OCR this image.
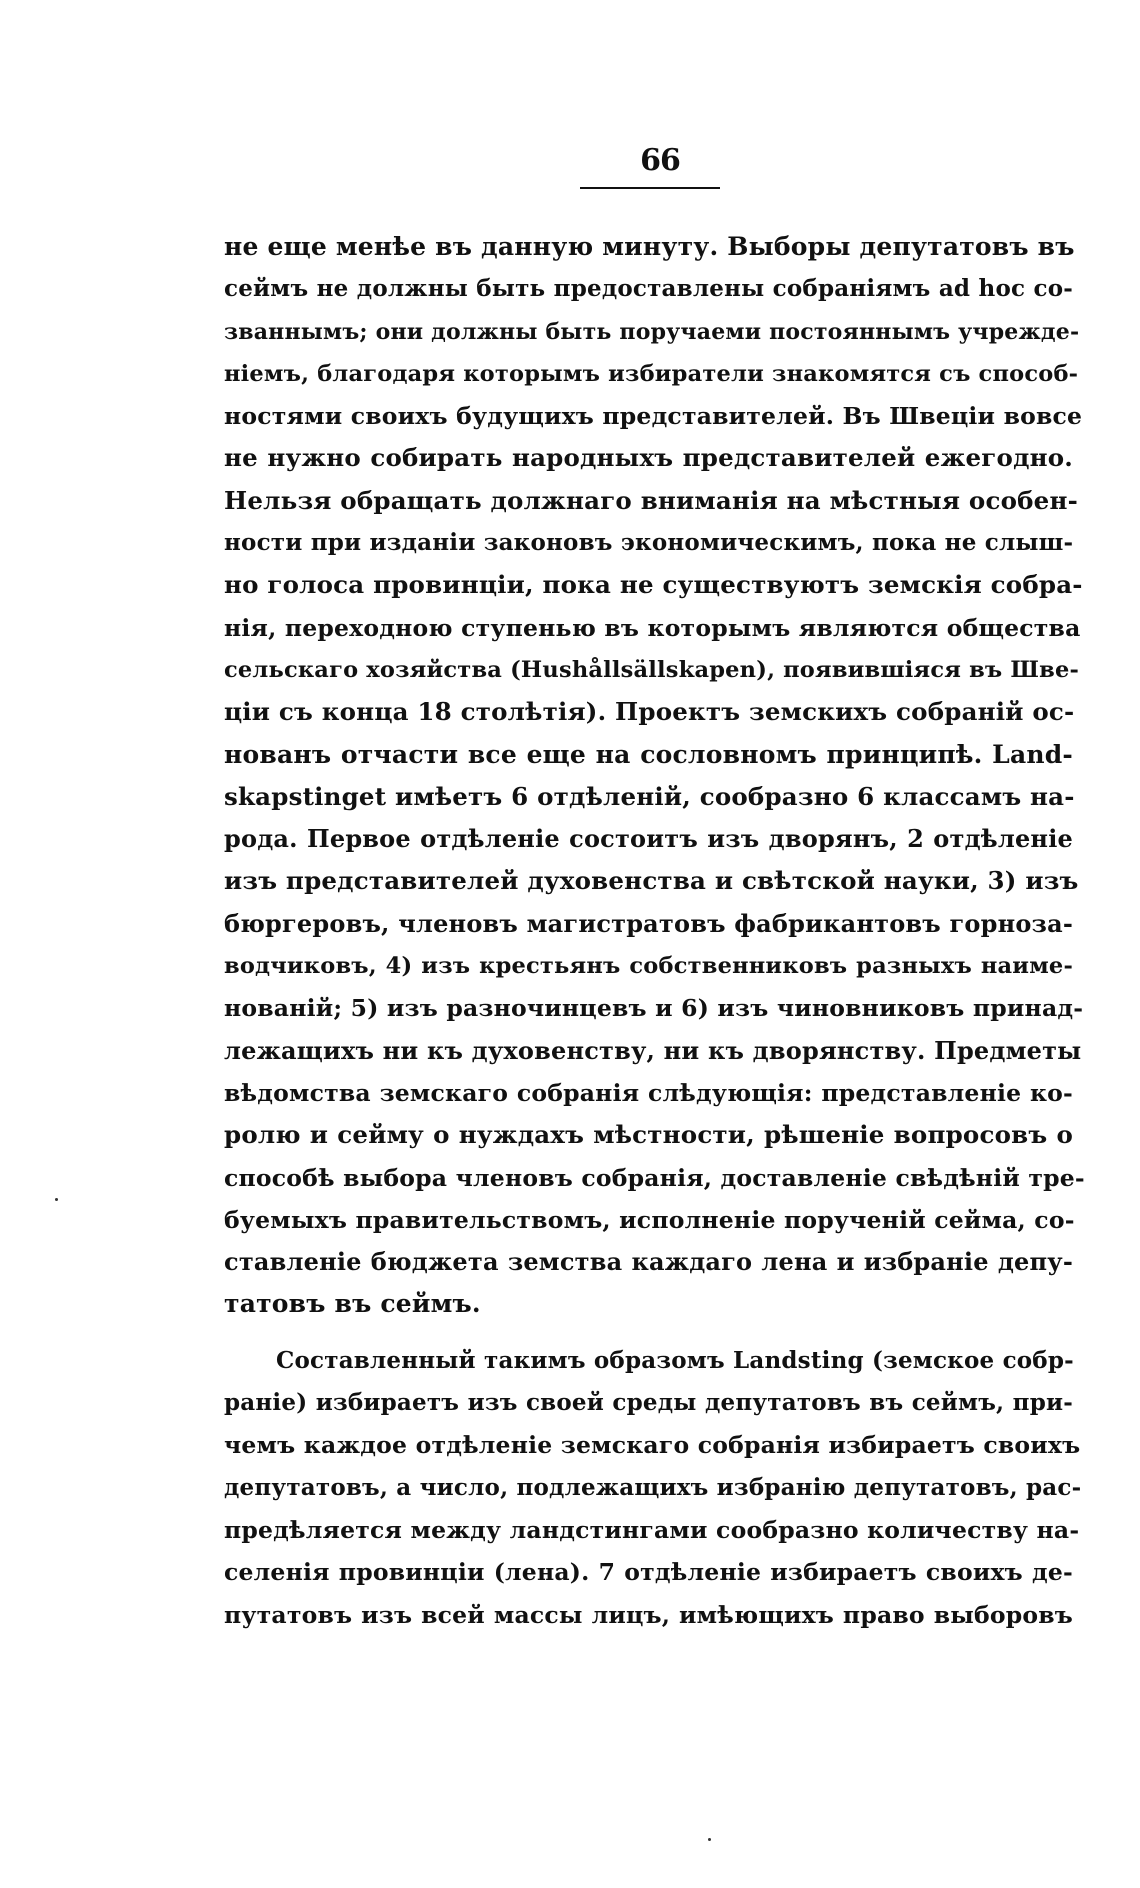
66
не еще менѣе въ данную минуту. Выборы депутатовъ въ
сеймъ не должны быть предоставлены собраніямъ ad hoc со-
званнымъ; они должны быть поручаеми постояннымъ учрежде-
ніемъ, благодаря которымъ избиратели знакомятся съ способ-
ностями своихъ будущихъ представителей. Въ Швеціи вовсе
не нужно собирать народныхъ представителей ежегодно.
Нельзя обращать должнаго вниманія на мѣстныя особен-
ности при изданіи законовъ экономическимъ, пока не слыш-
но голоса провинціи, пока не существуютъ земскія собра-
нія, переходною ступенью въ которымъ являются общества
сельскаго хозяйства (Hushållsällskapen), появившіяся въ Шве-
ціи съ конца 18 столѣтія). Проектъ земскихъ собраній ос-
нованъ отчасти все еще на сословномъ принципѣ. Land-
skapstinget имѣетъ 6 отдѣленій, сообразно 6 классамъ на-
рода. Первое отдѣленіе состоитъ изъ дворянъ, 2 отдѣленіе
изъ представителей духовенства и свѣтской науки, 3) изъ
бюргеровъ, членовъ магистратовъ фабрикантовъ горнoза-
водчиковъ, 4) изъ крестьянъ собственниковъ разныхъ наиме-
нованій; 5) изъ разночинцевъ и 6) изъ чиновниковъ принад-
лежащихъ ни къ духовенству, ни къ дворянству. Предметы
вѣдомства земскаго собранія слѣдующія: представленіе ко-
ролю и сейму о нуждахъ мѣстности, рѣшеніе вопросовъ о
способѣ выбора членовъ собранія, доставленіе свѣдѣній тре-
буемыхъ правительствомъ, исполненіе порученій сейма, со-
ставленіе бюджета земства каждаго лена и избраніе депу-
татовъ въ сеймъ.
Составленный такимъ образомъ Landsting (земское собр-
раніе) избираетъ изъ своей среды депутатовъ въ сеймъ, при-
чемъ каждое отдѣленіе земскаго собранія избираетъ своихъ
депутатовъ, а число, подлежащихъ избранію депутатовъ, рас-
предѣляется между ландстингами сообразно количеству на-
селенія провинціи (лена). 7 отдѣленіе избираетъ своихъ де-
путатовъ изъ всей массы лицъ, имѣющихъ право выборовъ
